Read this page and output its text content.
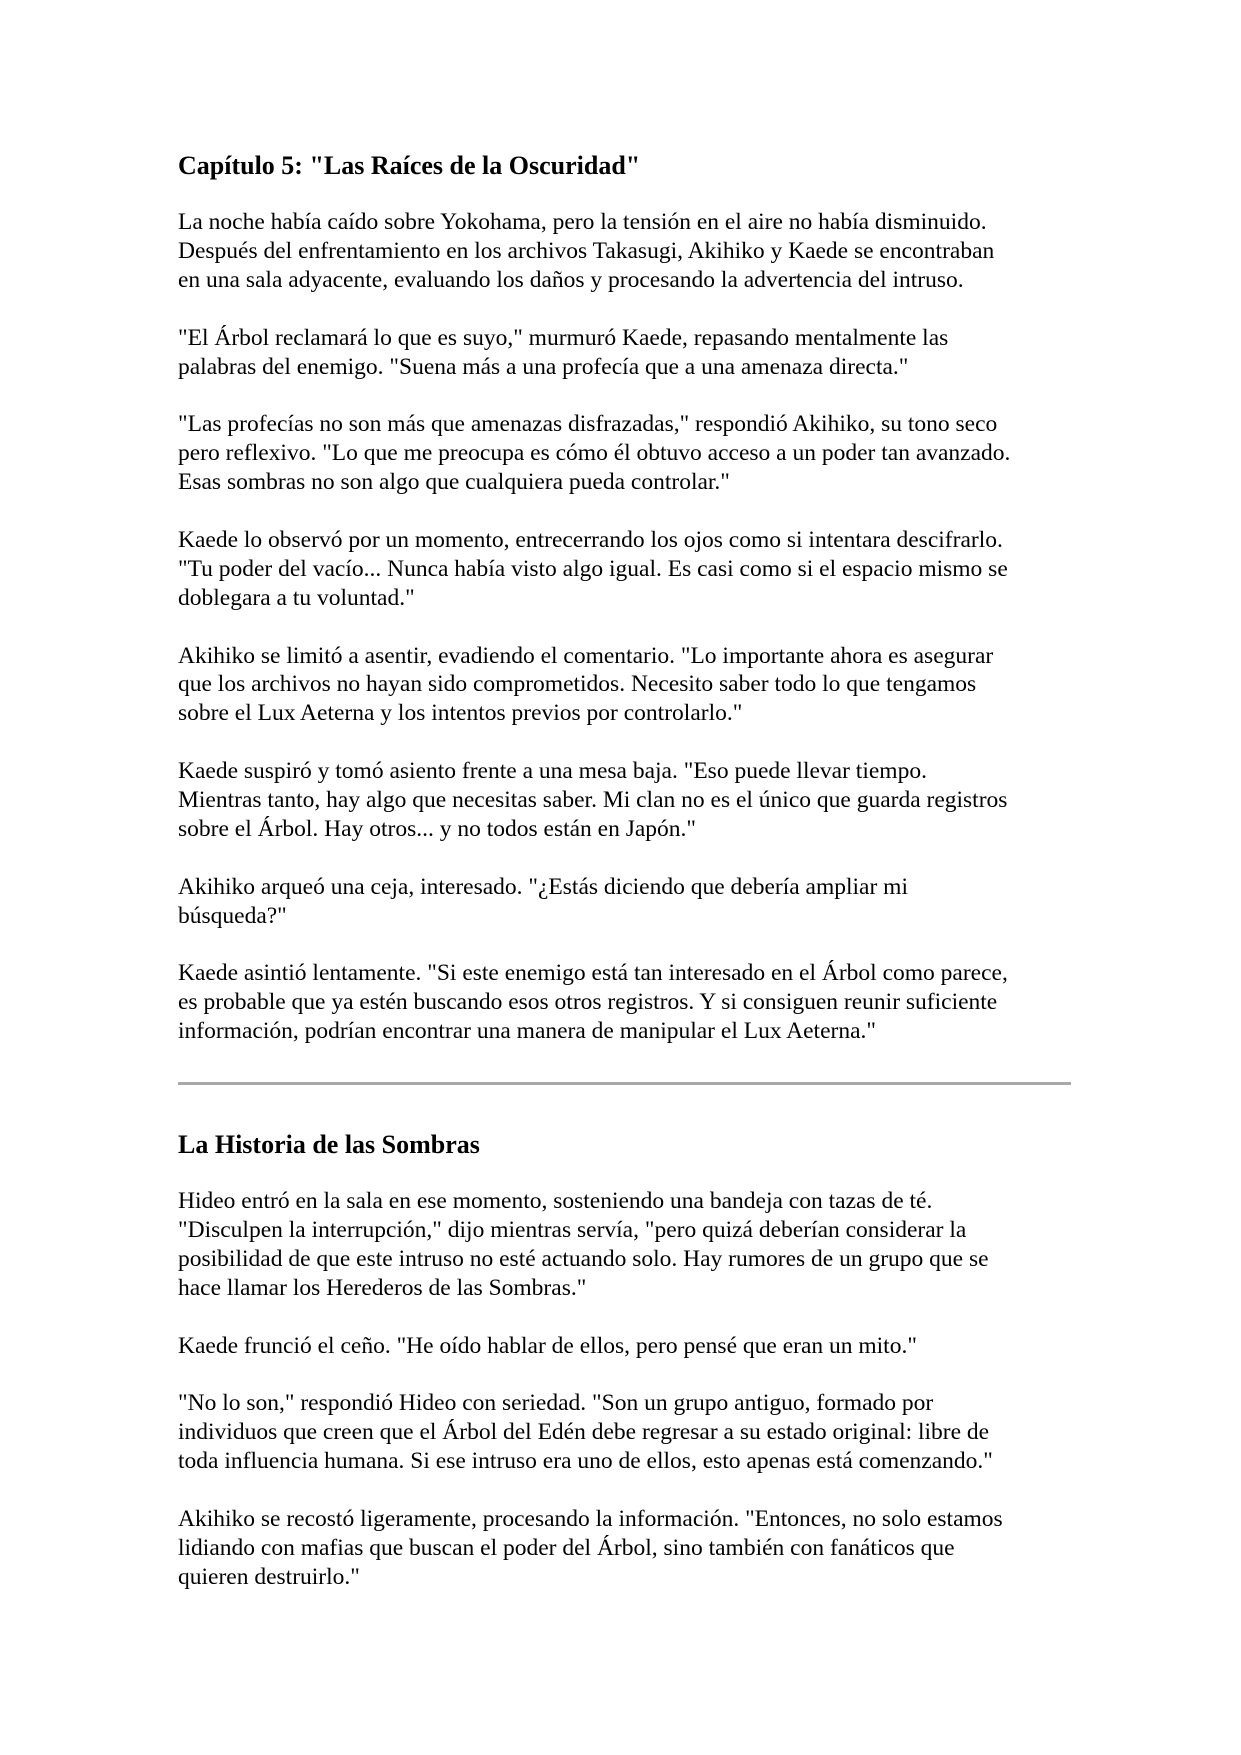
Capítulo 5: "Las Raíces de la Oscuridad"

La noche había caído sobre Yokohama, pero la tensión en el aire no había disminuido.
Después del enfrentamiento en los archivos Takasugi, Akihiko y Kaede se encontraban
en una sala adyacente, evaluando los daños y procesando la advertencia del intruso.

"El Árbol reclamará lo que es suyo," murmuró Kaede, repasando mentalmente las
palabras del enemigo. "Suena más a una profecía que a una amenaza directa."

"Las profecías no son más que amenazas disfrazadas," respondió Akihiko, su tono seco
pero reflexivo. "Lo que me preocupa es cómo él obtuvo acceso a un poder tan avanzado.
Esas sombras no son algo que cualquiera pueda controlar."

Kaede lo observó por un momento, entrecerrando los ojos como si intentara descifrarlo.
"Tu poder del vacío... Nunca había visto algo igual. Es casi como si el espacio mismo se
doblegara a tu voluntad."

Akihiko se limitó a asentir, evadiendo el comentario. "Lo importante ahora es asegurar
que los archivos no hayan sido comprometidos. Necesito saber todo lo que tengamos
sobre el Lux Aeterna y los intentos previos por controlarlo."

Kaede suspiró y tomó asiento frente a una mesa baja. "Eso puede llevar tiempo.
Mientras tanto, hay algo que necesitas saber. Mi clan no es el único que guarda registros
sobre el Árbol. Hay otros... y no todos están en Japón."

Akihiko arqueó una ceja, interesado. "¿Estás diciendo que debería ampliar mi
búsqueda?"

Kaede asintió lentamente. "Si este enemigo está tan interesado en el Árbol como parece,
es probable que ya estén buscando esos otros registros. Y si consiguen reunir suficiente
información, podrían encontrar una manera de manipular el Lux Aeterna."

La Historia de las Sombras

Hideo entró en la sala en ese momento, sosteniendo una bandeja con tazas de té.
"Disculpen la interrupción," dijo mientras servía, "pero quizá deberían considerar la
posibilidad de que este intruso no esté actuando solo. Hay rumores de un grupo que se
hace llamar los Herederos de las Sombras."

Kaede frunció el ceño. "He oído hablar de ellos, pero pensé que eran un mito."

"No lo son," respondió Hideo con seriedad. "Son un grupo antiguo, formado por
individuos que creen que el Árbol del Edén debe regresar a su estado original: libre de
toda influencia humana. Si ese intruso era uno de ellos, esto apenas está comenzando."

Akihiko se recostó ligeramente, procesando la información. "Entonces, no solo estamos
lidiando con mafias que buscan el poder del Árbol, sino también con fanáticos que
quieren destruirlo."
